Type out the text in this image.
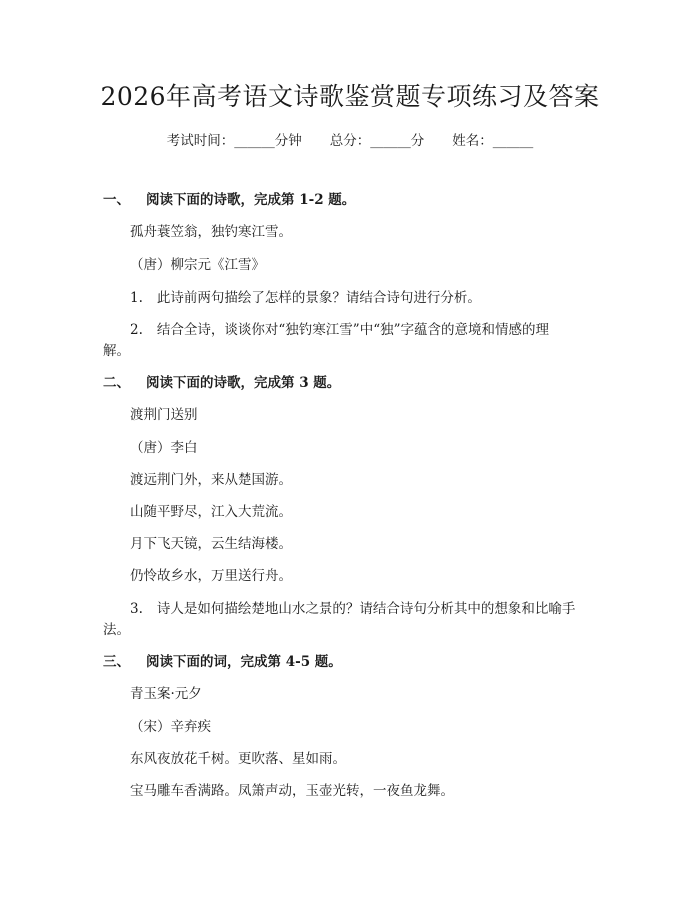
2026年高考语文诗歌鉴赏题专项练习及答案
考试时间：______分钟 总分：______分 姓名：______
一、 阅读下面的诗歌，完成第 1-2 题。
孤舟蓑笠翁，独钓寒江雪。
（唐）柳宗元《江雪》
1. 此诗前两句描绘了怎样的景象？请结合诗句进行分析。
2. 结合全诗，谈谈你对“独钓寒江雪”中“独”字蕴含的意境和情感的理
解。
二、 阅读下面的诗歌，完成第 3 题。
渡荆门送别
（唐）李白
渡远荆门外，来从楚国游。
山随平野尽，江入大荒流。
月下飞天镜，云生结海楼。
仍怜故乡水，万里送行舟。
3. 诗人是如何描绘楚地山水之景的？请结合诗句分析其中的想象和比喻手
法。
三、 阅读下面的词，完成第 4-5 题。
青玉案·元夕
（宋）辛弃疾
东风夜放花千树。更吹落、星如雨。
宝马雕车香满路。凤箫声动，玉壶光转，一夜鱼龙舞。
